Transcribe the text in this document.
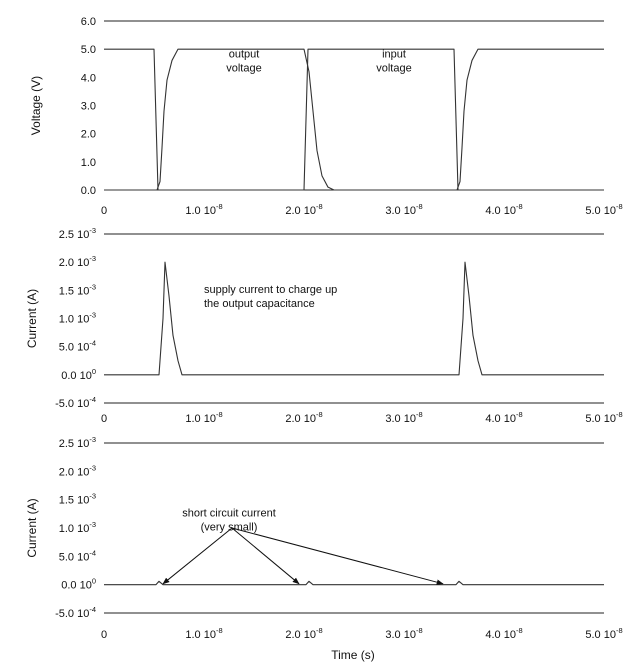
0.0
1.0
2.0
3.0
4.0
5.0
6.0
0	1.0 $10^{-8}$	2.0 $10^{-8}$	3.0 $10^{-8}$	4.0 $10^{-8}$	5.0 $10^{-8}$
Voltage (V)
output voltage
input voltage
-5.0 $10^{-4}$
0.0 $10^0$
5.0 $10^{-4}$
1.0 $10^{-3}$
1.5 $10^{-3}$
2.0 $10^{-3}$
2.5 $10^{-3}$
0	1.0 $10^{-8}$	2.0 $10^{-8}$	3.0 $10^{-8}$	4.0 $10^{-8}$	5.0 $10^{-8}$
Current (A)	supply current to charge up the output capacitance
-5.0 $10^{-4}$
0.0 $10^0$
5.0 $10^{-4}$
1.0 $10^{-3}$
1.5 $10^{-3}$
2.0 $10^{-3}$
2.5 $10^{-3}$
0	1.0 $10^{-8}$	2.0 $10^{-8}$	3.0 $10^{-8}$	4.0 $10^{-8}$	5.0 $10^{-8}$
Current (A)
Time (s)
short circuit current (very small)
